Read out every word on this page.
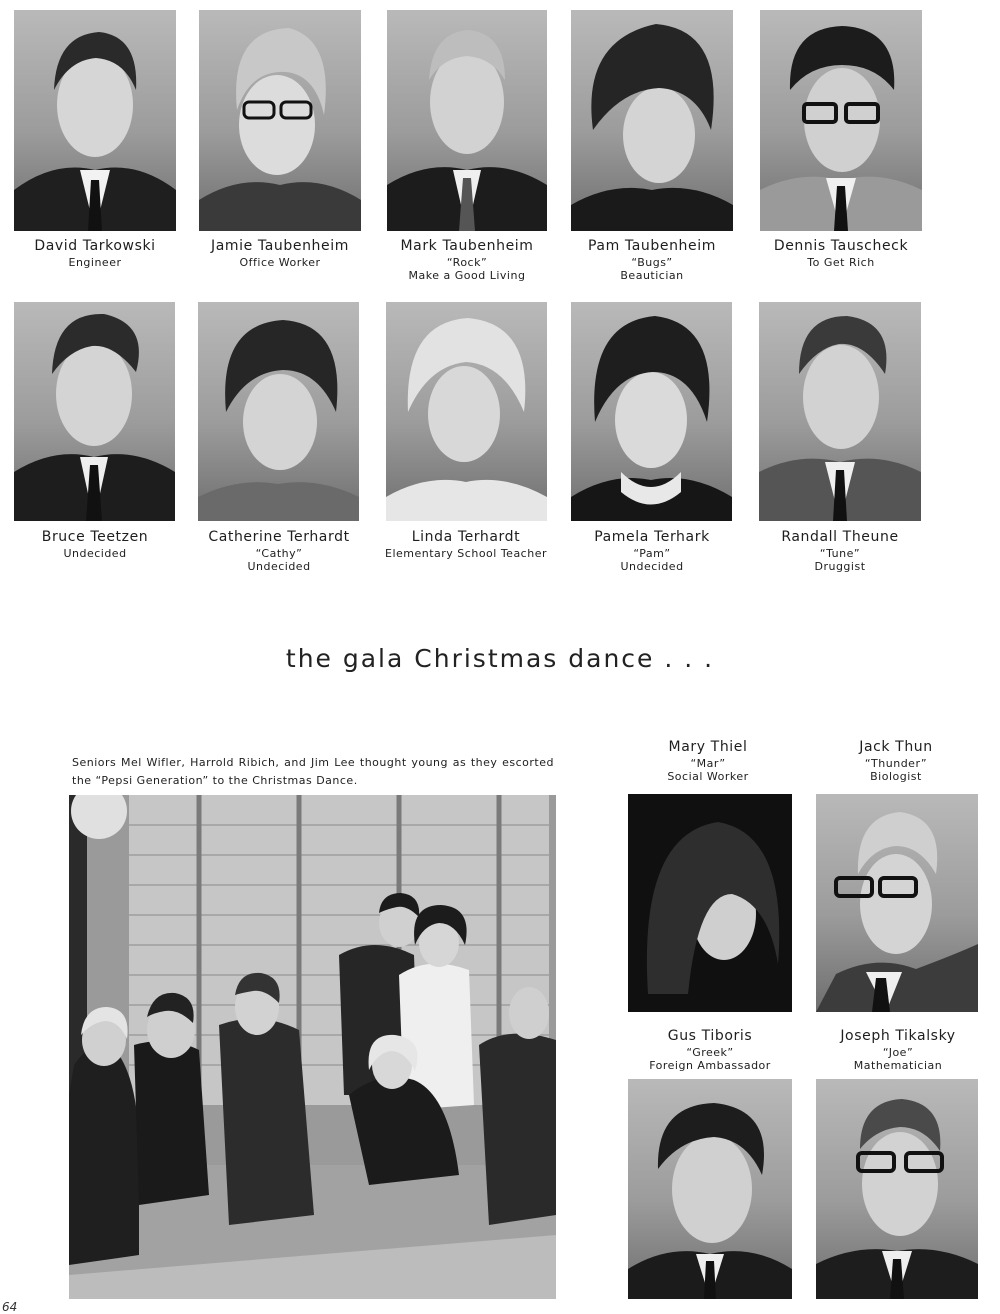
David Tarkowski
Engineer
Jamie Taubenheim
Office Worker
Mark Taubenheim
“Rock”
Make a Good Living
Pam Taubenheim
“Bugs”
Beautician
Dennis Tauscheck
To Get Rich
Bruce Teetzen
Undecided
Catherine Terhardt
“Cathy”
Undecided
Linda Terhardt
Elementary School Teacher
Pamela Terhark
“Pam”
Undecided
Randall Theune
“Tune”
Druggist
the gala Christmas dance . . .
Seniors Mel Wifler, Harrold Ribich, and Jim Lee thought young as they escorted the “Pepsi Generation” to the Christmas Dance.
Mary Thiel
“Mar”
Social Worker
Jack Thun
“Thunder”
Biologist
Gus Tiboris
“Greek”
Foreign Ambassador
Joseph Tikalsky
“Joe”
Mathematician
64
